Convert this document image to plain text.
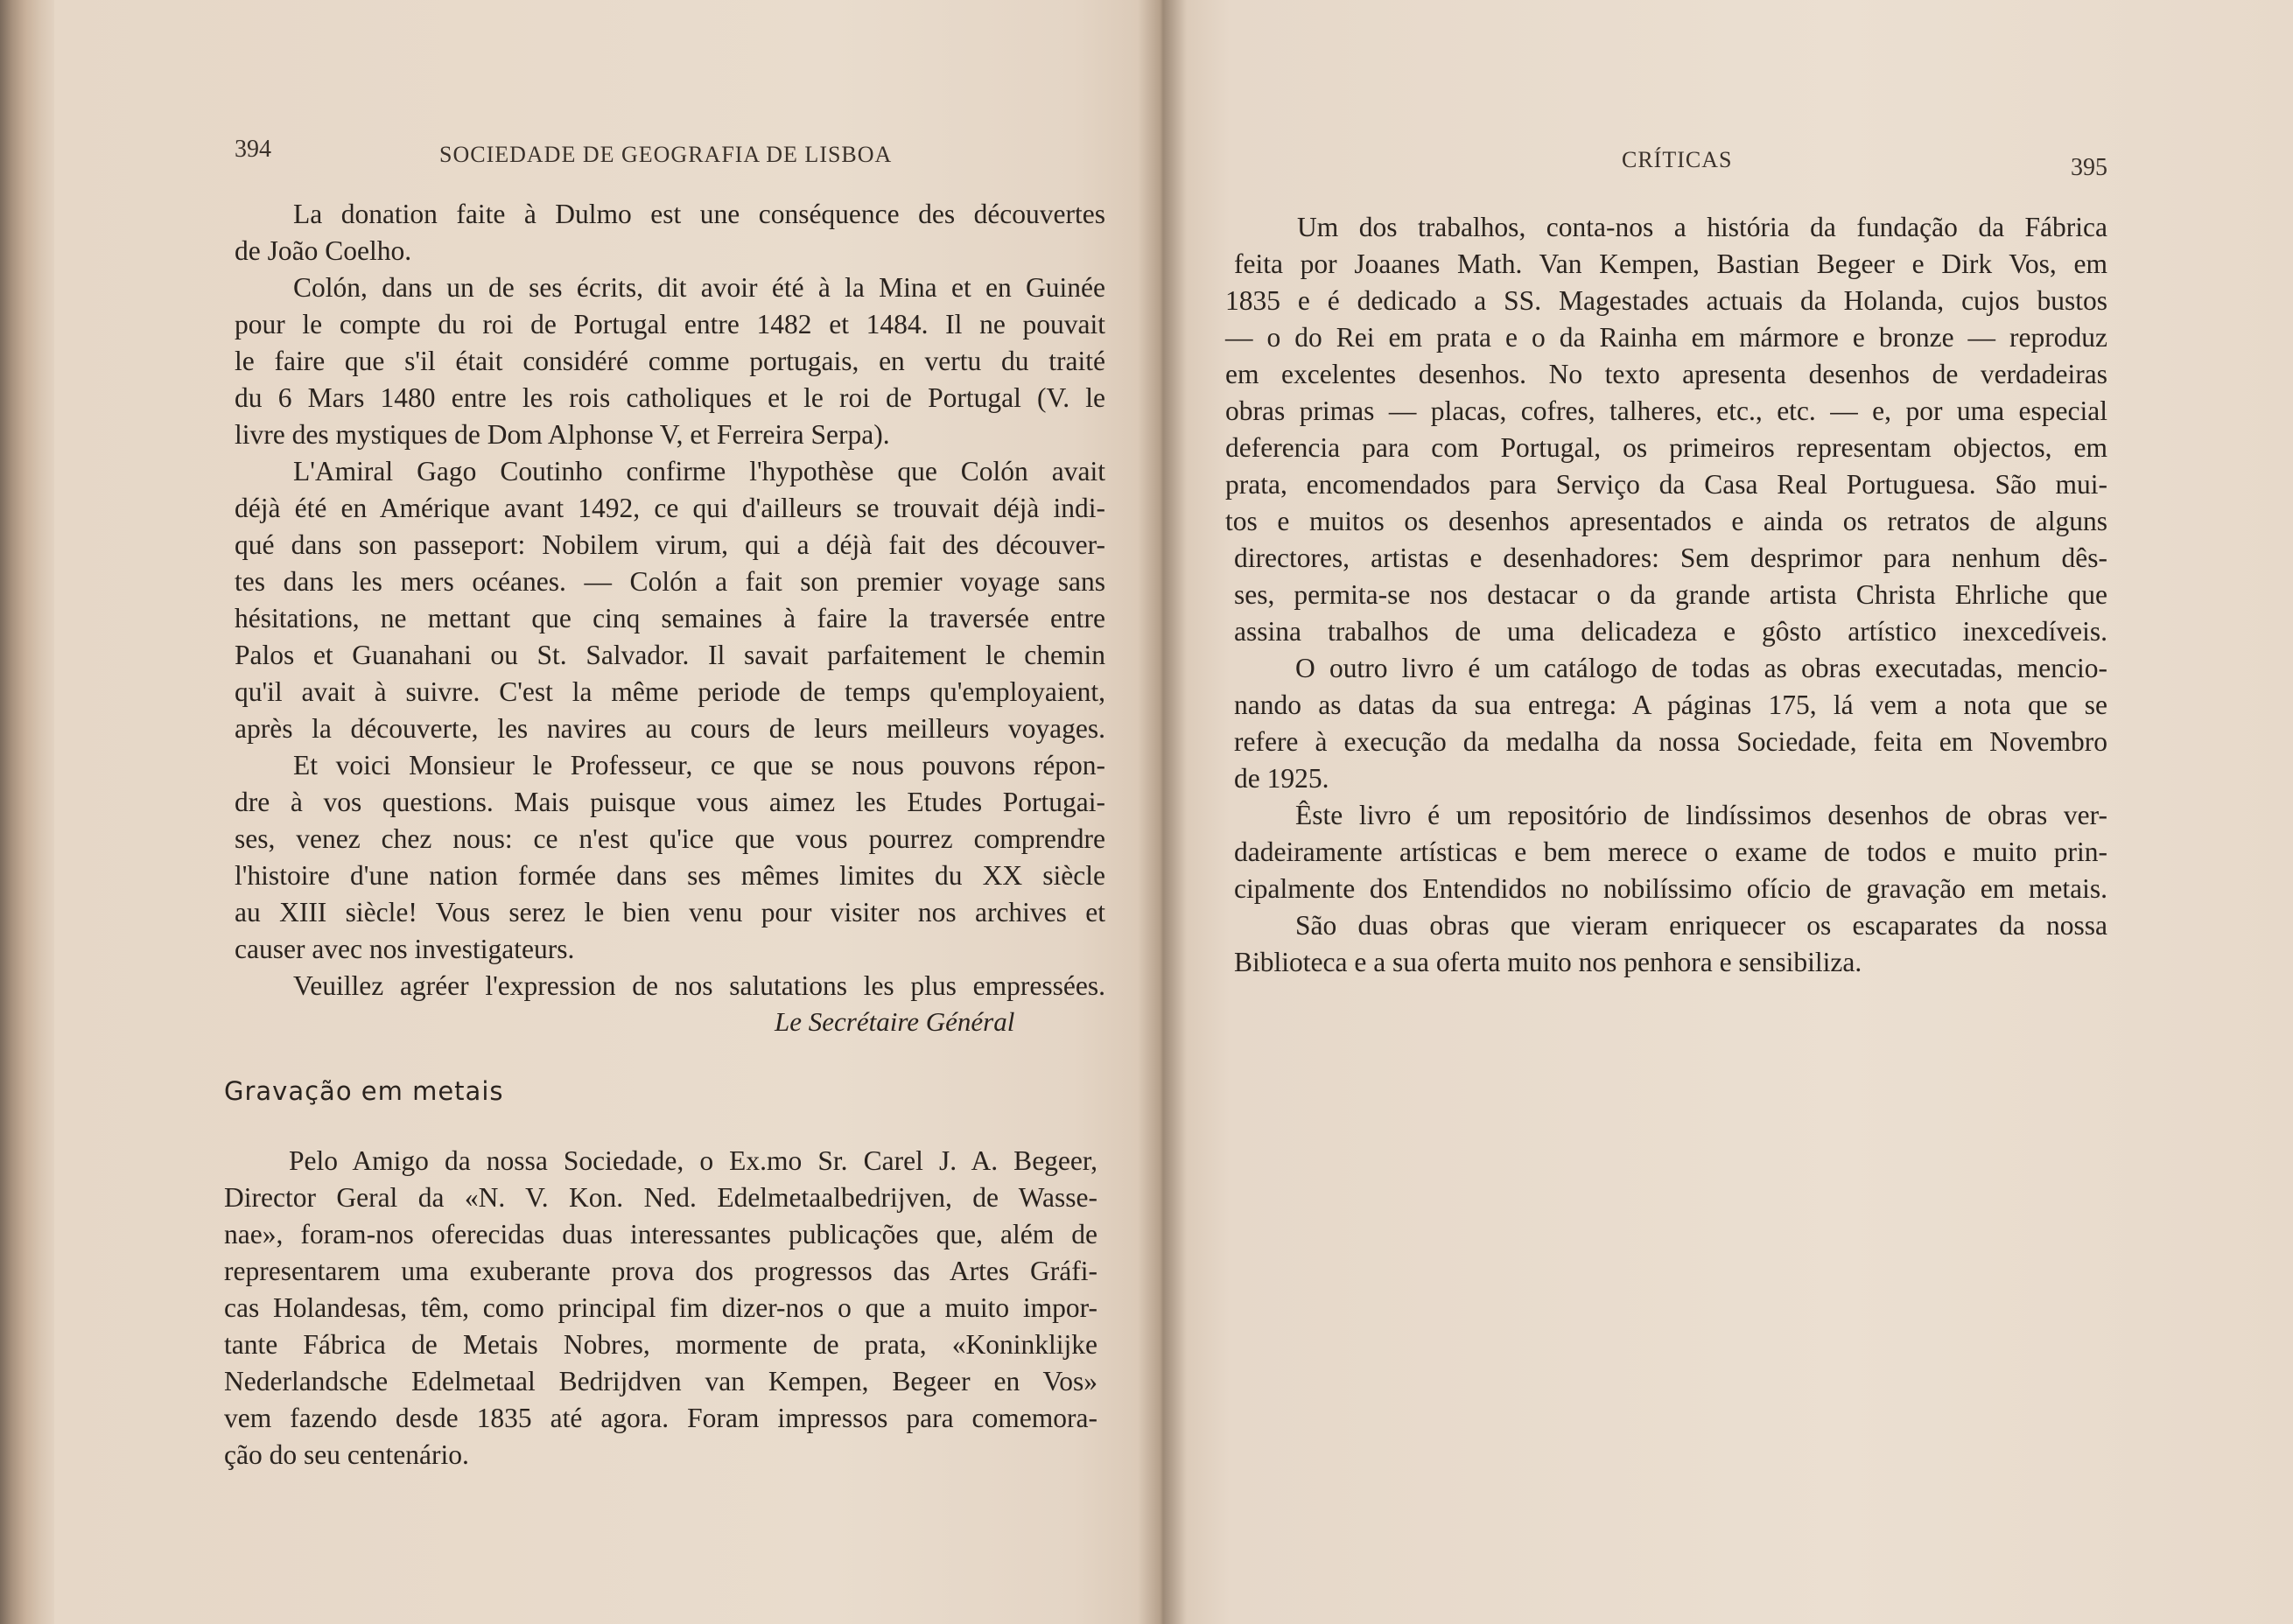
394	SOCIEDADE DE GEOGRAFIA DE LISBOA
La donation faite à Dulmo est une conséquence des découvertes
de João Coelho.
Colón, dans un de ses écrits, dit avoir été à la Mina et en Guinée
pour le compte du roi de Portugal entre 1482 et 1484. Il ne pouvait
le faire que s'il était considéré comme portugais, en vertu du traité
du 6 Mars 1480 entre les rois catholiques et le roi de Portugal (V. le
livre des mystiques de Dom Alphonse V, et Ferreira Serpa).
L'Amiral Gago Coutinho confirme l'hypothèse que Colón avait
déjà été en Amérique avant 1492, ce qui d'ailleurs se trouvait déjà indi-
qué dans son passeport: Nobilem virum, qui a déjà fait des découver-
tes dans les mers océanes. — Colón a fait son premier voyage sans
hésitations, ne mettant que cinq semaines à faire la traversée entre
Palos et Guanahani ou St. Salvador. Il savait parfaitement le chemin
qu'il avait à suivre. C'est la même periode de temps qu'employaient,
après la découverte, les navires au cours de leurs meilleurs voyages.
Et voici Monsieur le Professeur, ce que se nous pouvons répon-
dre à vos questions. Mais puisque vous aimez les Etudes Portugai-
ses, venez chez nous: ce n'est qu'ice que vous pourrez comprendre
l'histoire d'une nation formée dans ses mêmes limites du XX siècle
au XIII siècle! Vous serez le bien venu pour visiter nos archives et
causer avec nos investigateurs.
Veuillez agréer l'expression de nos salutations les plus empressées.
Le Secrétaire Général
Gravação em metais
Pelo Amigo da nossa Sociedade, o Ex.mo Sr. Carel J. A. Begeer,
Director Geral da «N. V. Kon. Ned. Edelmetaalbedrijven, de Wasse-
nae», foram-nos oferecidas duas interessantes publicações que, além de
representarem uma exuberante prova dos progressos das Artes Gráfi-
cas Holandesas, têm, como principal fim dizer-nos o que a muito impor-
tante Fábrica de Metais Nobres, mormente de prata, «Koninklijke
Nederlandsche Edelmetaal Bedrijdven van Kempen, Begeer en Vos»
vem fazendo desde 1835 até agora. Foram impressos para comemora-
ção do seu centenário.
CRÍTICAS	395
Um dos trabalhos, conta-nos a história da fundação da Fábrica
feita por Joaanes Math. Van Kempen, Bastian Begeer e Dirk Vos, em
1835 e é dedicado a SS. Magestades actuais da Holanda, cujos bustos
— o do Rei em prata e o da Rainha em mármore e bronze — reproduz
em excelentes desenhos. No texto apresenta desenhos de verdadeiras
obras primas — placas, cofres, talheres, etc., etc. — e, por uma especial
deferencia para com Portugal, os primeiros representam objectos, em
prata, encomendados para Serviço da Casa Real Portuguesa. São mui-
tos e muitos os desenhos apresentados e ainda os retratos de alguns
directores, artistas e desenhadores: Sem desprimor para nenhum dês-
ses, permita-se nos destacar o da grande artista Christa Ehrliche que
assina trabalhos de uma delicadeza e gôsto artístico inexcedíveis.
O outro livro é um catálogo de todas as obras executadas, mencio-
nando as datas da sua entrega: A páginas 175, lá vem a nota que se
refere à execução da medalha da nossa Sociedade, feita em Novembro
de 1925.
Êste livro é um repositório de lindíssimos desenhos de obras ver-
dadeiramente artísticas e bem merece o exame de todos e muito prin-
cipalmente dos Entendidos no nobilíssimo ofício de gravação em metais.
São duas obras que vieram enriquecer os escaparates da nossa
Biblioteca e a sua oferta muito nos penhora e sensibiliza.
